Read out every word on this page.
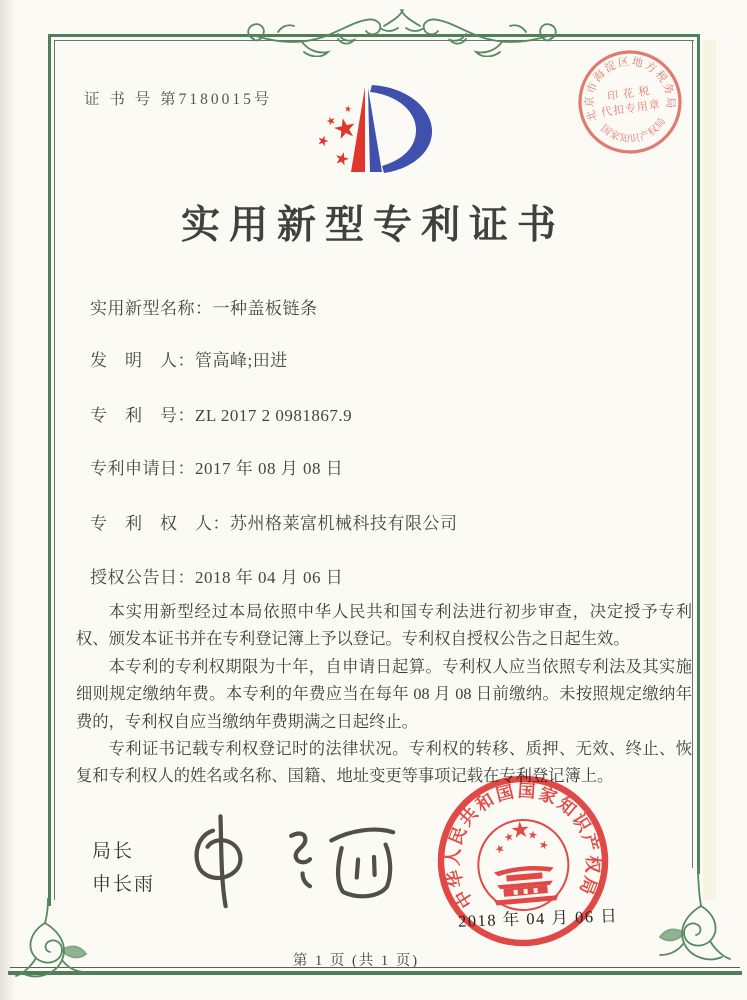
证 书 号 第7180015号
北京市海淀区地方税务局
国家知识产权局
印 花 税
代扣专用章
实用新型专利证书
实用新型名称：一种盖板链条
发　明　人：管高峰;田进
专　利　号：ZL 2017 2 0981867.9
专利申请日：2017 年 08 月 08 日
专　利　权　人：苏州格莱富机械科技有限公司
授权公告日：2018 年 04 月 06 日

本实用新型经过本局依照中华人民共和国专利法进行初步审查，决定授予专利权、颁发本证书并在专利登记簿上予以登记。专利权自授权公告之日起生效。

本专利的专利权期限为十年，自申请日起算。专利权人应当依照专利法及其实施细则规定缴纳年费。本专利的年费应当在每年 08 月 08 日前缴纳。未按照规定缴纳年费的，专利权自应当缴纳年费期满之日起终止。

专利证书记载专利权登记时的法律状况。专利权的转移、质押、无效、终止、恢复和专利权人的姓名或名称、国籍、地址变更等事项记载在专利登记簿上。

局长
申长雨	中华人民共和国国家知识产权局
2018 年 04 月 06 日
第 1 页 (共 1 页)
